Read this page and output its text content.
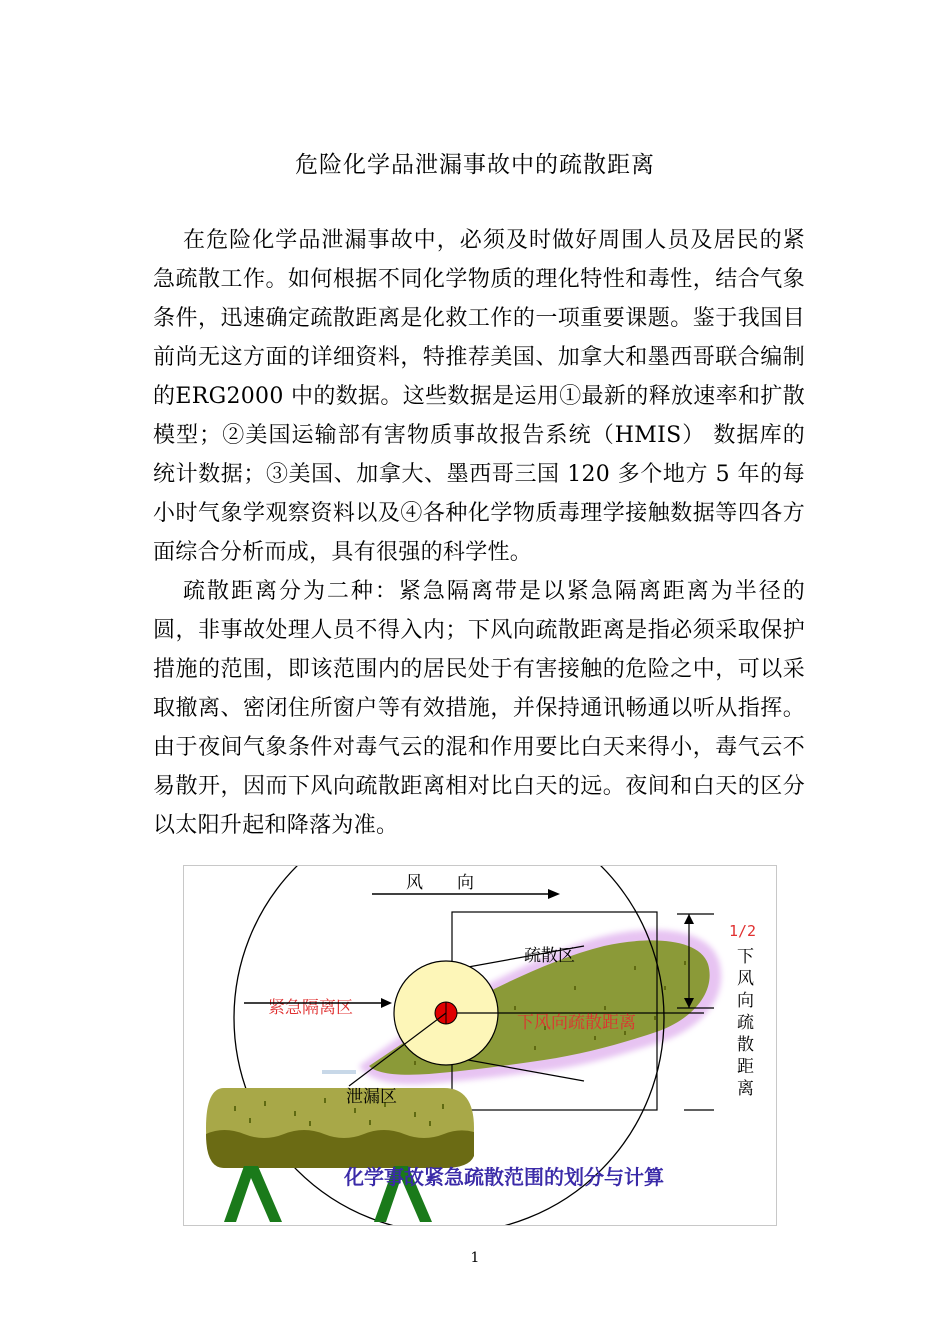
危险化学品泄漏事故中的疏散距离

在危险化学品泄漏事故中，必须及时做好周围人员及居民的紧急疏散工作。如何根据不同化学物质的理化特性和毒性，结合气象条件，迅速确定疏散距离是化救工作的一项重要课题。鉴于我国目前尚无这方面的详细资料，特推荐美国、加拿大和墨西哥联合编制的ERG2000 中的数据。这些数据是运用①最新的释放速率和扩散模型；②美国运输部有害物质事故报告系统（HMIS） 数据库的统计数据；③美国、加拿大、墨西哥三国 120 多个地方 5 年的每小时气象学观察资料以及④各种化学物质毒理学接触数据等四各方面综合分析而成，具有很强的科学性。

疏散距离分为二种：紧急隔离带是以紧急隔离距离为半径的圆，非事故处理人员不得入内；下风向疏散距离是指必须采取保护措施的范围，即该范围内的居民处于有害接触的危险之中，可以采取撤离、密闭住所窗户等有效措施，并保持通讯畅通以听从指挥。由于夜间气象条件对毒气云的混和作用要比白天来得小，毒气云不易散开，因而下风向疏散距离相对比白天的远。夜间和白天的区分以太阳升起和降落为准。

风　　向
疏散区
紧急隔离区
下风向疏散距离
泄漏区
1/2
下
风
向
疏
散
距
离
化学事故紧急疏散范围的划分与计算
1
